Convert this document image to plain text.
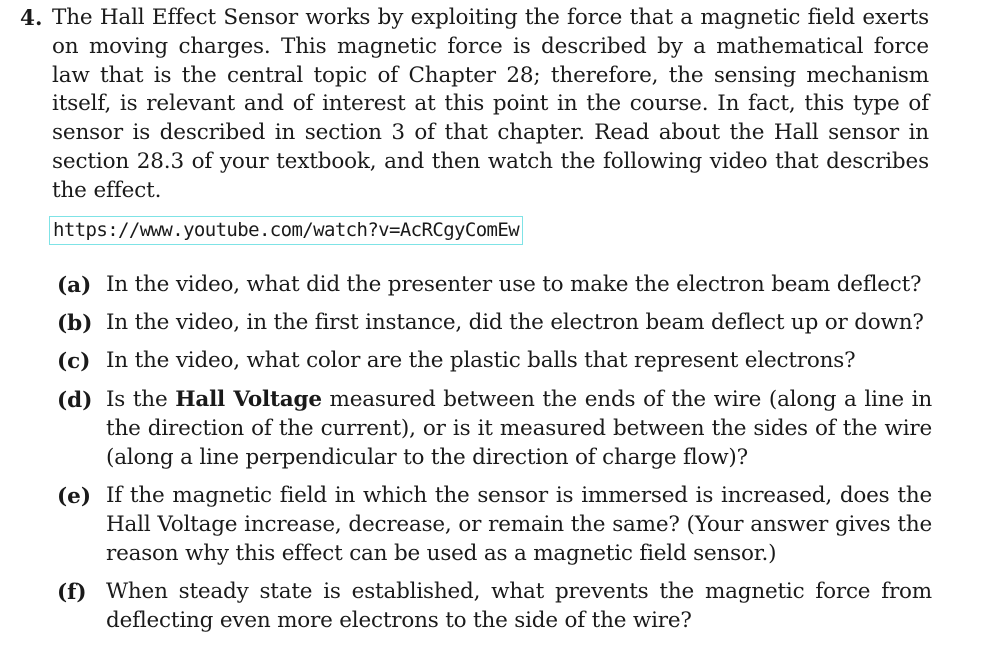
4. The Hall Effect Sensor works by exploiting the force that a magnetic field exerts on moving charges. This magnetic force is described by a mathematical force law that is the central topic of Chapter 28; therefore, the sensing mechanism itself, is relevant and of interest at this point in the course. In fact, this type of sensor is described in section 3 of that chapter. Read about the Hall sensor in section 28.3 of your textbook, and then watch the following video that describes the effect.
https://www.youtube.com/watch?v=AcRCgyComEw
(a) In the video, what did the presenter use to make the electron beam deflect?
(b) In the video, in the first instance, did the electron beam deflect up or down?
(c) In the video, what color are the plastic balls that represent electrons?
(d) Is the Hall Voltage measured between the ends of the wire (along a line in the direction of the current), or is it measured between the sides of the wire (along a line perpendicular to the direction of charge flow)?
(e) If the magnetic field in which the sensor is immersed is increased, does the Hall Voltage increase, decrease, or remain the same? (Your answer gives the reason why this effect can be used as a magnetic field sensor.)
(f) When steady state is established, what prevents the magnetic force from deflecting even more electrons to the side of the wire?
